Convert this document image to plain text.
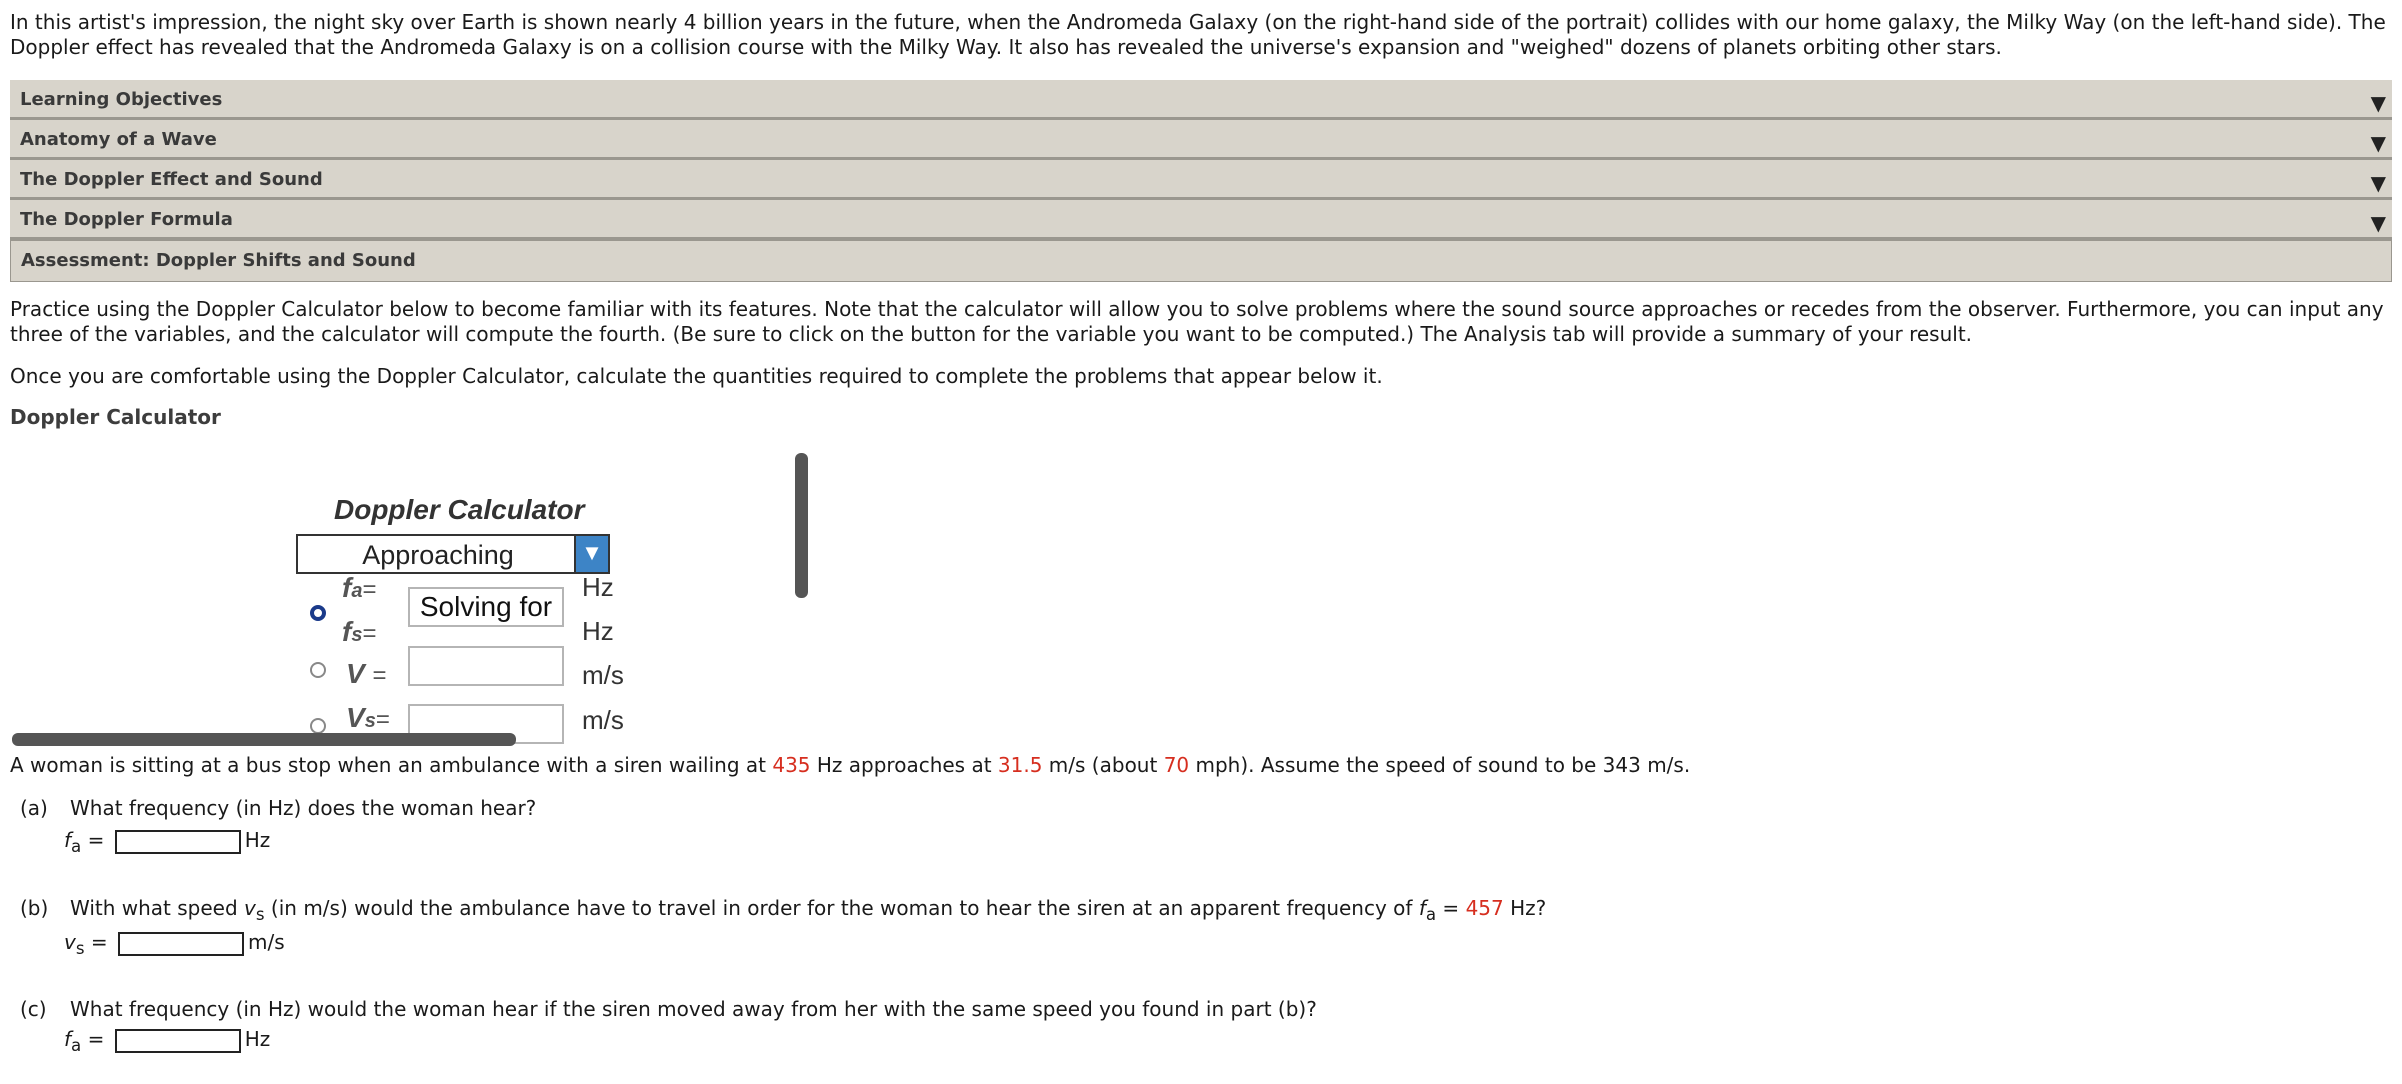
In this artist's impression, the night sky over Earth is shown nearly 4 billion years in the future, when the Andromeda Galaxy (on the right-hand side of the portrait) collides with our home galaxy, the Milky Way (on the left-hand side). The Doppler effect has revealed that the Andromeda Galaxy is on a collision course with the Milky Way. It also has revealed the universe's expansion and "weighed" dozens of planets orbiting other stars.
Learning Objectives	▼
Anatomy of a Wave	▼
The Doppler Effect and Sound	▼
The Doppler Formula	▼
Assessment: Doppler Shifts and Sound
Practice using the Doppler Calculator below to become familiar with its features. Note that the calculator will allow you to solve problems where the sound source approaches or recedes from the observer. Furthermore, you can input any three of the variables, and the calculator will compute the fourth. (Be sure to click on the button for the variable you want to be computed.) The Analysis tab will provide a summary of your result.
Once you are comfortable using the Doppler Calculator, calculate the quantities required to complete the problems that appear below it.
Doppler Calculator
Doppler Calculator
Approaching	▼
fa=	Hz
Solving for
fs=	Hz
V =	m/s
Vs=	m/s
A woman is sitting at a bus stop when an ambulance with a siren wailing at 435 Hz approaches at 31.5 m/s (about 70 mph). Assume the speed of sound to be 343 m/s.
(a) What frequency (in Hz) does the woman hear?
$f_a$ =	Hz
(b) With what speed $v_s$ (in m/s) would the ambulance have to travel in order for the woman to hear the siren at an apparent frequency of $f_a = 457$ Hz?
$v_s$ =	m/s
(c) What frequency (in Hz) would the woman hear if the siren moved away from her with the same speed you found in part (b)?
$f_a$ =	Hz
